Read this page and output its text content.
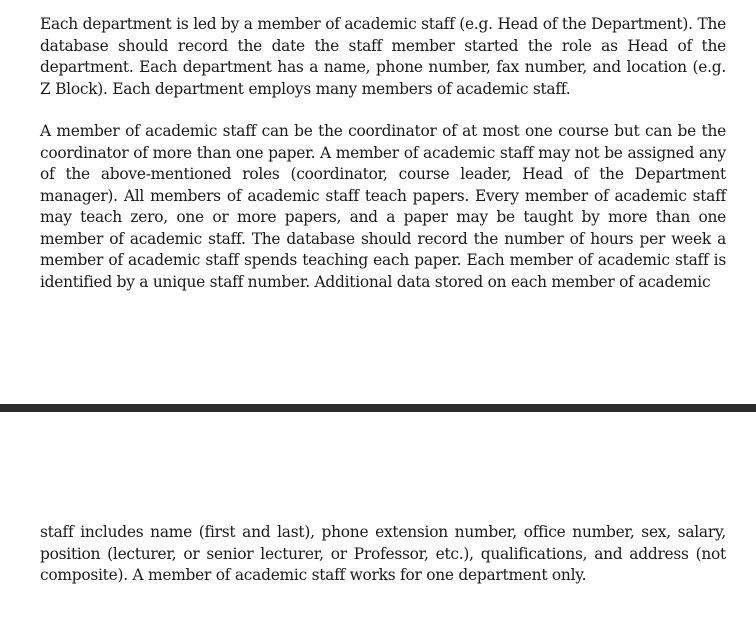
Each department is led by a member of academic staff (e.g. Head of the Department). The database should record the date the staff member started the role as Head of the department. Each department has a name, phone number, fax number, and location (e.g. Z Block). Each department employs many members of academic staff.

A member of academic staff can be the coordinator of at most one course but can be the coordinator of more than one paper. A member of academic staff may not be assigned any of the above-mentioned roles (coordinator, course leader, Head of the Department manager). All members of academic staff teach papers. Every member of academic staff may teach zero, one or more papers, and a paper may be taught by more than one member of academic staff. The database should record the number of hours per week a member of academic staff spends teaching each paper. Each member of academic staff is identified by a unique staff number. Additional data stored on each member of academic

staff includes name (first and last), phone extension number, office number, sex, salary, position (lecturer, or senior lecturer, or Professor, etc.), qualifications, and address (not composite). A member of academic staff works for one department only.
